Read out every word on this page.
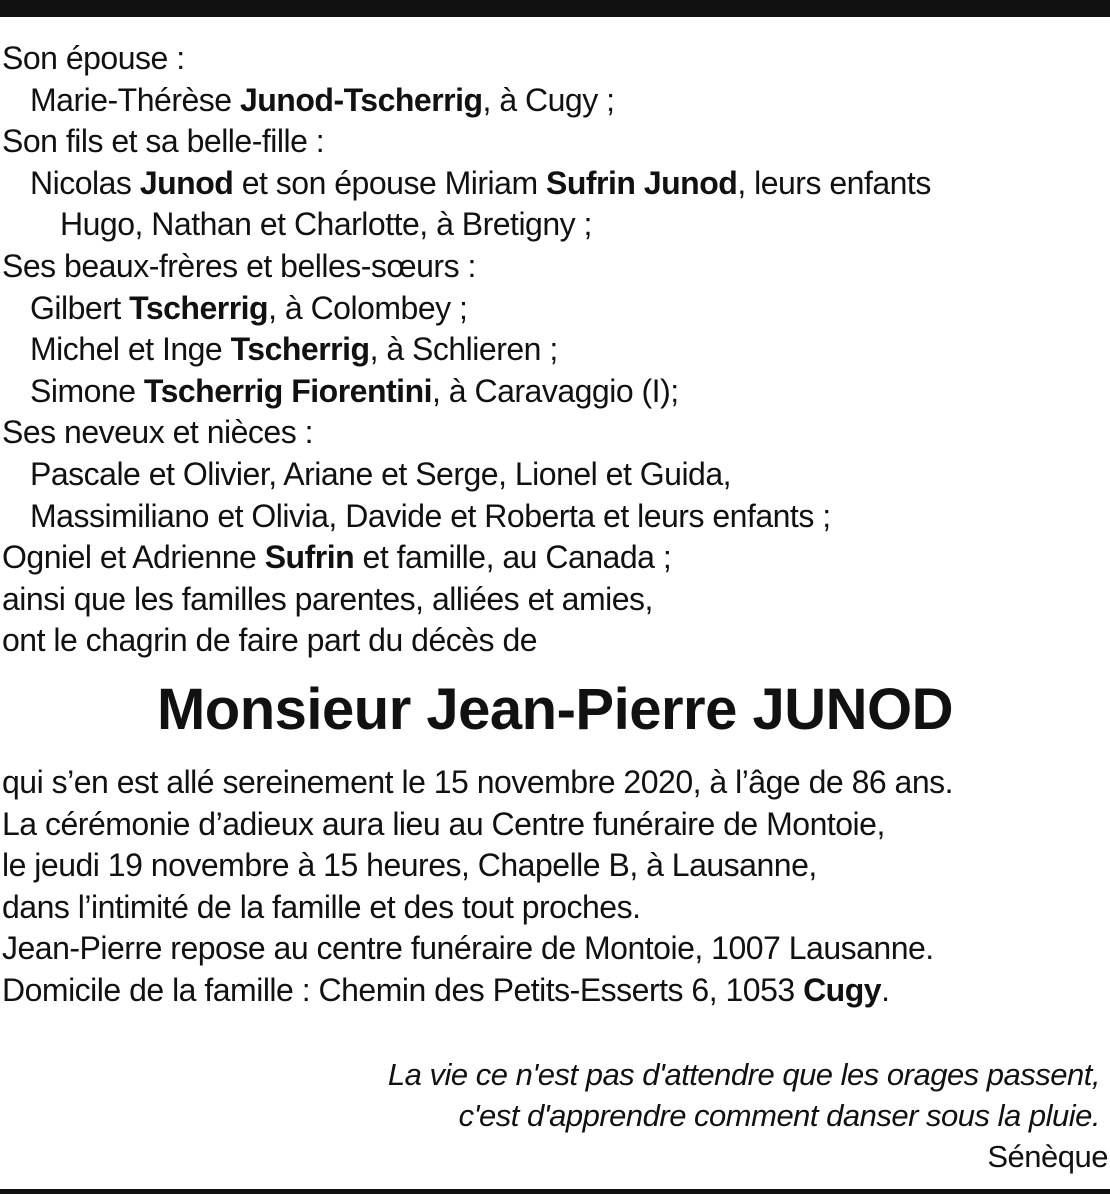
Son épouse :
Marie-Thérèse Junod-Tscherrig, à Cugy ;
Son fils et sa belle-fille :
Nicolas Junod et son épouse Miriam Sufrin Junod, leurs enfants
Hugo, Nathan et Charlotte, à Bretigny ;
Ses beaux-frères et belles-sœurs :
Gilbert Tscherrig, à Colombey ;
Michel et Inge Tscherrig, à Schlieren ;
Simone Tscherrig Fiorentini, à Caravaggio (I);
Ses neveux et nièces :
Pascale et Olivier, Ariane et Serge, Lionel et Guida,
Massimiliano et Olivia, Davide et Roberta et leurs enfants ;
Ogniel et Adrienne Sufrin et famille, au Canada ;
ainsi que les familles parentes, alliées et amies,
ont le chagrin de faire part du décès de
Monsieur Jean-Pierre JUNOD
qui s’en est allé sereinement le 15 novembre 2020, à l’âge de 86 ans.
La cérémonie d’adieux aura lieu au Centre funéraire de Montoie,
le jeudi 19 novembre à 15 heures, Chapelle B, à Lausanne,
dans l’intimité de la famille et des tout proches.
Jean-Pierre repose au centre funéraire de Montoie, 1007 Lausanne.
Domicile de la famille : Chemin des Petits-Esserts 6, 1053 Cugy.
La vie ce n'est pas d'attendre que les orages passent,
c'est d'apprendre comment danser sous la pluie.
Sénèque
